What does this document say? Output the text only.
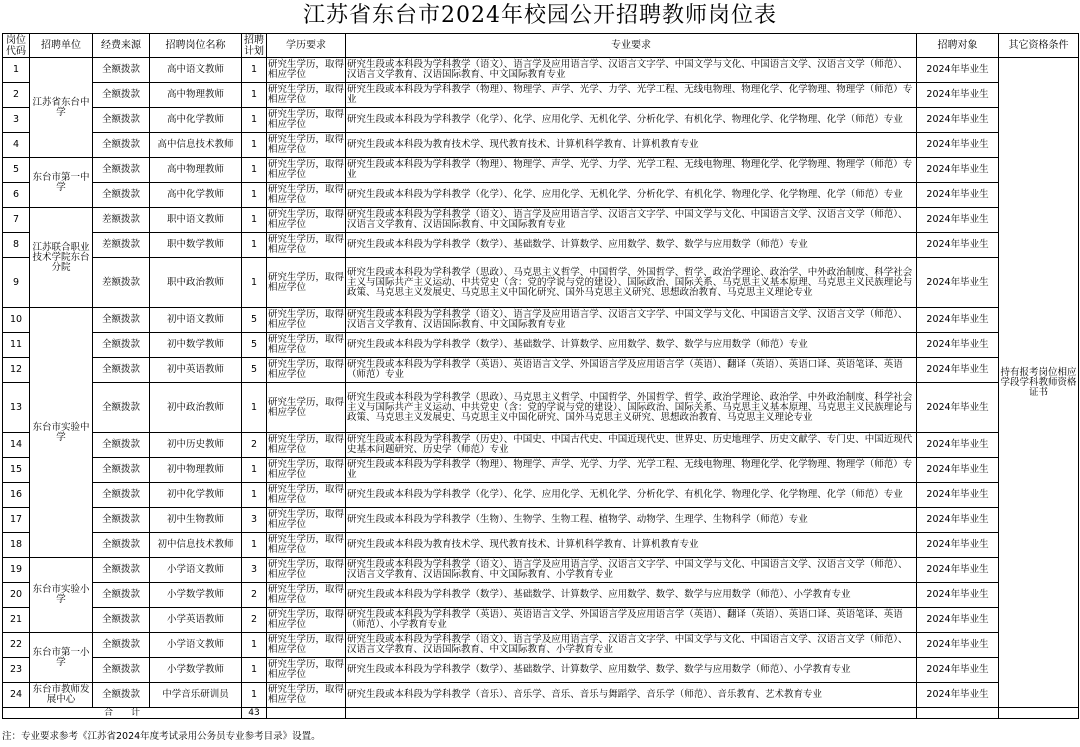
江苏省东台市2024年校园公开招聘教师岗位表
岗位代码	招聘单位	经费来源	招聘岗位名称	招聘计划	学历要求	专业要求	招聘对象	其它资格条件
1	江苏省东台中学	全额拨款	高中语文教师	1	研究生学历，取得相应学位	研究生段或本科段为学科教学（语文）、语言学及应用语言学、汉语言文字学、中国文学与文化、中国语言文学、汉语言文学（师范）、汉语言文学教育、汉语国际教育、中文国际教育专业	2024年毕业生	持有报考岗位相应学段学科教师资格证书
2		全额拨款	高中物理教师	1	研究生学历，取得相应学位	研究生段或本科段为学科教学（物理）、物理学、声学、光学、力学、光学工程、无线电物理、物理化学、化学物理、物理学（师范）专业	2024年毕业生	
3		全额拨款	高中化学教师	1	研究生学历，取得相应学位	研究生段或本科段为学科教学（化学）、化学、应用化学、无机化学、分析化学、有机化学、物理化学、化学物理、化学（师范）专业	2024年毕业生	
4		全额拨款	高中信息技术教师	1	研究生学历，取得相应学位	研究生段或本科段为教育技术学、现代教育技术、计算机科学教育、计算机教育专业	2024年毕业生	
5	东台市第一中学	全额拨款	高中物理教师	1	研究生学历，取得相应学位	研究生段或本科段为学科教学（物理）、物理学、声学、光学、力学、光学工程、无线电物理、物理化学、化学物理、物理学（师范）专业	2024年毕业生	
6		全额拨款	高中化学教师	1	研究生学历，取得相应学位	研究生段或本科段为学科教学（化学）、化学、应用化学、无机化学、分析化学、有机化学、物理化学、化学物理、化学（师范）专业	2024年毕业生	
7	江苏联合职业技术学院东台分院	差额拨款	职中语文教师	1	研究生学历，取得相应学位	研究生段或本科段为学科教学（语文）、语言学及应用语言学、汉语言文字学、中国文学与文化、中国语言文学、汉语言文学（师范）、汉语言文学教育、汉语国际教育、中文国际教育专业	2024年毕业生	
8		差额拨款	职中数学教师	1	研究生学历，取得相应学位	研究生段或本科段为学科教学（数学）、基础数学、计算数学、应用数学、数学、数学与应用数学（师范）专业	2024年毕业生	
9		差额拨款	职中政治教师	1	研究生学历，取得相应学位	研究生段或本科段为学科教学（思政）、马克思主义哲学、中国哲学、外国哲学、哲学、政治学理论、政治学、中外政治制度、科学社会主义与国际共产主义运动、中共党史（含：党的学说与党的建设）、国际政治、国际关系、马克思主义基本原理、马克思主义民族理论与政策、马克思主义发展史、马克思主义中国化研究、国外马克思主义研究、思想政治教育、马克思主义理论专业	2024年毕业生	
10	东台市实验中学	全额拨款	初中语文教师	5	研究生学历，取得相应学位	研究生段或本科段为学科教学（语文）、语言学及应用语言学、汉语言文字学、中国文学与文化、中国语言文学、汉语言文学（师范）、汉语言文学教育、汉语国际教育、中文国际教育专业	2024年毕业生	
11		全额拨款	初中数学教师	5	研究生学历，取得相应学位	研究生段或本科段为学科教学（数学）、基础数学、计算数学、应用数学、数学、数学与应用数学（师范）专业	2024年毕业生	
12		全额拨款	初中英语教师	5	研究生学历，取得相应学位	研究生段或本科段为学科教学（英语）、英语语言文学、外国语言学及应用语言学（英语）、翻译（英语）、英语口译、英语笔译、英语（师范）专业	2024年毕业生	
13		全额拨款	初中政治教师	1	研究生学历，取得相应学位	研究生段或本科段为学科教学（思政）、马克思主义哲学、中国哲学、外国哲学、哲学、政治学理论、政治学、中外政治制度、科学社会主义与国际共产主义运动、中共党史（含：党的学说与党的建设）、国际政治、国际关系、马克思主义基本原理、马克思主义民族理论与政策、马克思主义发展史、马克思主义中国化研究、国外马克思主义研究、思想政治教育、马克思主义理论专业	2024年毕业生	
14		全额拨款	初中历史教师	2	研究生学历，取得相应学位	研究生段或本科段为学科教学（历史）、中国史、中国古代史、中国近现代史、世界史、历史地理学、历史文献学、专门史、中国近现代史基本问题研究、历史学（师范）专业	2024年毕业生	
15		全额拨款	初中物理教师	1	研究生学历，取得相应学位	研究生段或本科段为学科教学（物理）、物理学、声学、光学、力学、光学工程、无线电物理、物理化学、化学物理、物理学（师范）专业	2024年毕业生	
16		全额拨款	初中化学教师	1	研究生学历，取得相应学位	研究生段或本科段为学科教学（化学）、化学、应用化学、无机化学、分析化学、有机化学、物理化学、化学物理、化学（师范）专业	2024年毕业生	
17		全额拨款	初中生物教师	3	研究生学历，取得相应学位	研究生段或本科段为学科教学（生物）、生物学、生物工程、植物学、动物学、生理学、生物科学（师范）专业	2024年毕业生	
18		全额拨款	初中信息技术教师	1	研究生学历，取得相应学位	研究生段或本科段为教育技术学、现代教育技术、计算机科学教育、计算机教育专业	2024年毕业生	
19	东台市实验小学	全额拨款	小学语文教师	3	研究生学历，取得相应学位	研究生段或本科段为学科教学（语文）、语言学及应用语言学、汉语言文字学、中国文学与文化、中国语言文学、汉语言文学（师范）、汉语言文学教育、汉语国际教育、中文国际教育、小学教育专业	2024年毕业生	
20		全额拨款	小学数学教师	2	研究生学历，取得相应学位	研究生段或本科段为学科教学（数学）、基础数学、计算数学、应用数学、数学、数学与应用数学（师范）、小学教育专业	2024年毕业生	
21		全额拨款	小学英语教师	2	研究生学历，取得相应学位	研究生段或本科段为学科教学（英语）、英语语言文学、外国语言学及应用语言学（英语）、翻译（英语）、英语口译、英语笔译、英语（师范）、小学教育专业	2024年毕业生	
22	东台市第一小学	全额拨款	小学语文教师	1	研究生学历，取得相应学位	研究生段或本科段为学科教学（语文）、语言学及应用语言学、汉语言文字学、中国文学与文化、中国语言文学、汉语言文学（师范）、汉语言文学教育、汉语国际教育、中文国际教育、小学教育专业	2024年毕业生	
23		全额拨款	小学数学教师	1	研究生学历，取得相应学位	研究生段或本科段为学科教学（数学）、基础数学、计算数学、应用数学、数学、数学与应用数学（师范）、小学教育专业	2024年毕业生	
24	东台市教师发展中心	全额拨款	中学音乐研训员	1	研究生学历，取得相应学位	研究生段或本科段为学科教学（音乐）、音乐学、音乐、音乐与舞蹈学、音乐学（师范）、音乐教育、艺术教育专业	2024年毕业生	
合　　计				43				
注：专业要求参考《江苏省2024年度考试录用公务员专业参考目录》设置。
